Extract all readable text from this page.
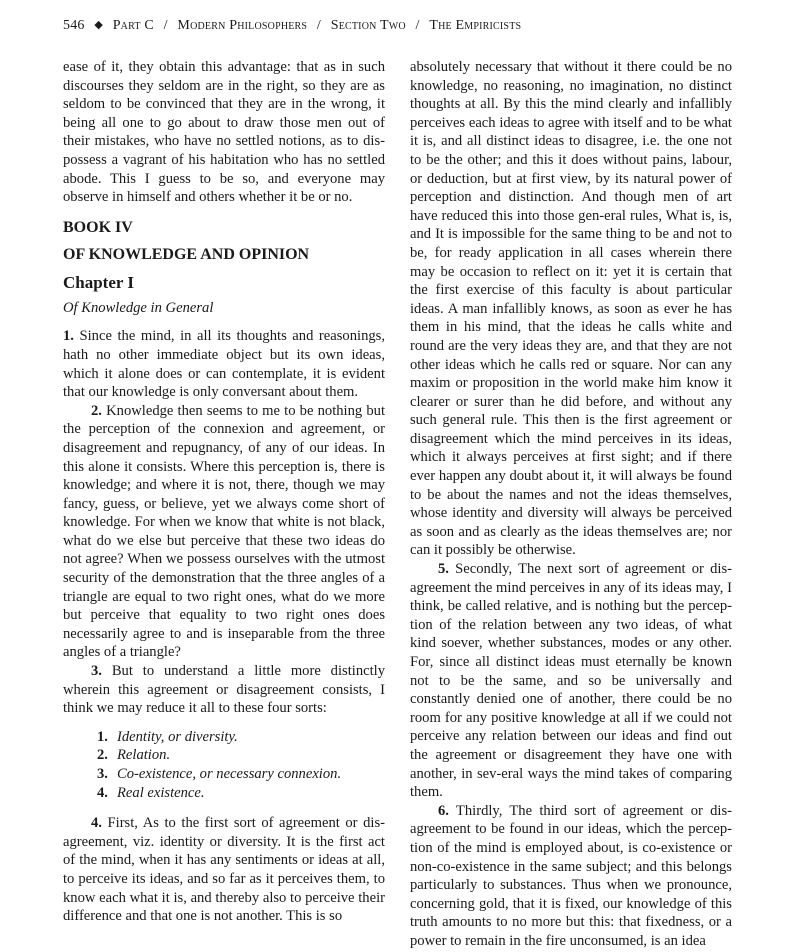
546 ◆ Part C / Modern Philosophers / Section Two / The Empiricists

ease of it, they obtain this advantage: that as in such discourses they seldom are in the right, so they are as seldom to be convinced that they are in the wrong, it being all one to go about to draw those men out of their mistakes, who have no settled notions, as to dis-possess a vagrant of his habitation who has no settled abode. This I guess to be so, and everyone may observe in himself and others whether it be or no.

BOOK IV
OF KNOWLEDGE AND OPINION
Chapter I
Of Knowledge in General

1. Since the mind, in all its thoughts and reasonings, hath no other immediate object but its own ideas, which it alone does or can contemplate, it is evident that our knowledge is only conversant about them.

2. Knowledge then seems to me to be nothing but the perception of the connexion and agreement, or disagreement and repugnancy, of any of our ideas. In this alone it consists. Where this perception is, there is knowledge; and where it is not, there, though we may fancy, guess, or believe, yet we always come short of knowledge. For when we know that white is not black, what do we else but perceive that these two ideas do not agree? When we possess ourselves with the utmost security of the demonstration that the three angles of a triangle are equal to two right ones, what do we more but perceive that equality to two right ones does necessarily agree to and is inseparable from the three angles of a triangle?

3. But to understand a little more distinctly wherein this agreement or disagreement consists, I think we may reduce it all to these four sorts:

1. Identity, or diversity.
2. Relation.
3. Co-existence, or necessary connexion.
4. Real existence.

4. First, As to the first sort of agreement or dis-agreement, viz. identity or diversity. It is the first act of the mind, when it has any sentiments or ideas at all, to perceive its ideas, and so far as it perceives them, to know each what it is, and thereby also to perceive their difference and that one is not another. This is so

absolutely necessary that without it there could be no knowledge, no reasoning, no imagination, no distinct thoughts at all. By this the mind clearly and infallibly perceives each ideas to agree with itself and to be what it is, and all distinct ideas to disagree, i.e. the one not to be the other; and this it does without pains, labour, or deduction, but at first view, by its natural power of perception and distinction. And though men of art have reduced this into those gen-eral rules, What is, is, and It is impossible for the same thing to be and not to be, for ready application in all cases wherein there may be occasion to reflect on it: yet it is certain that the first exercise of this faculty is about particular ideas. A man infallibly knows, as soon as ever he has them in his mind, that the ideas he calls white and round are the very ideas they are, and that they are not other ideas which he calls red or square. Nor can any maxim or proposition in the world make him know it clearer or surer than he did before, and without any such general rule. This then is the first agreement or disagreement which the mind perceives in its ideas, which it always perceives at first sight; and if there ever happen any doubt about it, it will always be found to be about the names and not the ideas themselves, whose identity and diversity will always be perceived as soon and as clearly as the ideas themselves are; nor can it possibly be otherwise.

5. Secondly, The next sort of agreement or dis-agreement the mind perceives in any of its ideas may, I think, be called relative, and is nothing but the percep-tion of the relation between any two ideas, of what kind soever, whether substances, modes or any other. For, since all distinct ideas must eternally be known not to be the same, and so be universally and constantly denied one of another, there could be no room for any positive knowledge at all if we could not perceive any relation between our ideas and find out the agreement or disagreement they have one with another, in sev-eral ways the mind takes of comparing them.

6. Thirdly, The third sort of agreement or dis-agreement to be found in our ideas, which the percep-tion of the mind is employed about, is co-existence or non-co-existence in the same subject; and this belongs particularly to substances. Thus when we pronounce, concerning gold, that it is fixed, our knowledge of this truth amounts to no more but this: that fixedness, or a power to remain in the fire unconsumed, is an idea
